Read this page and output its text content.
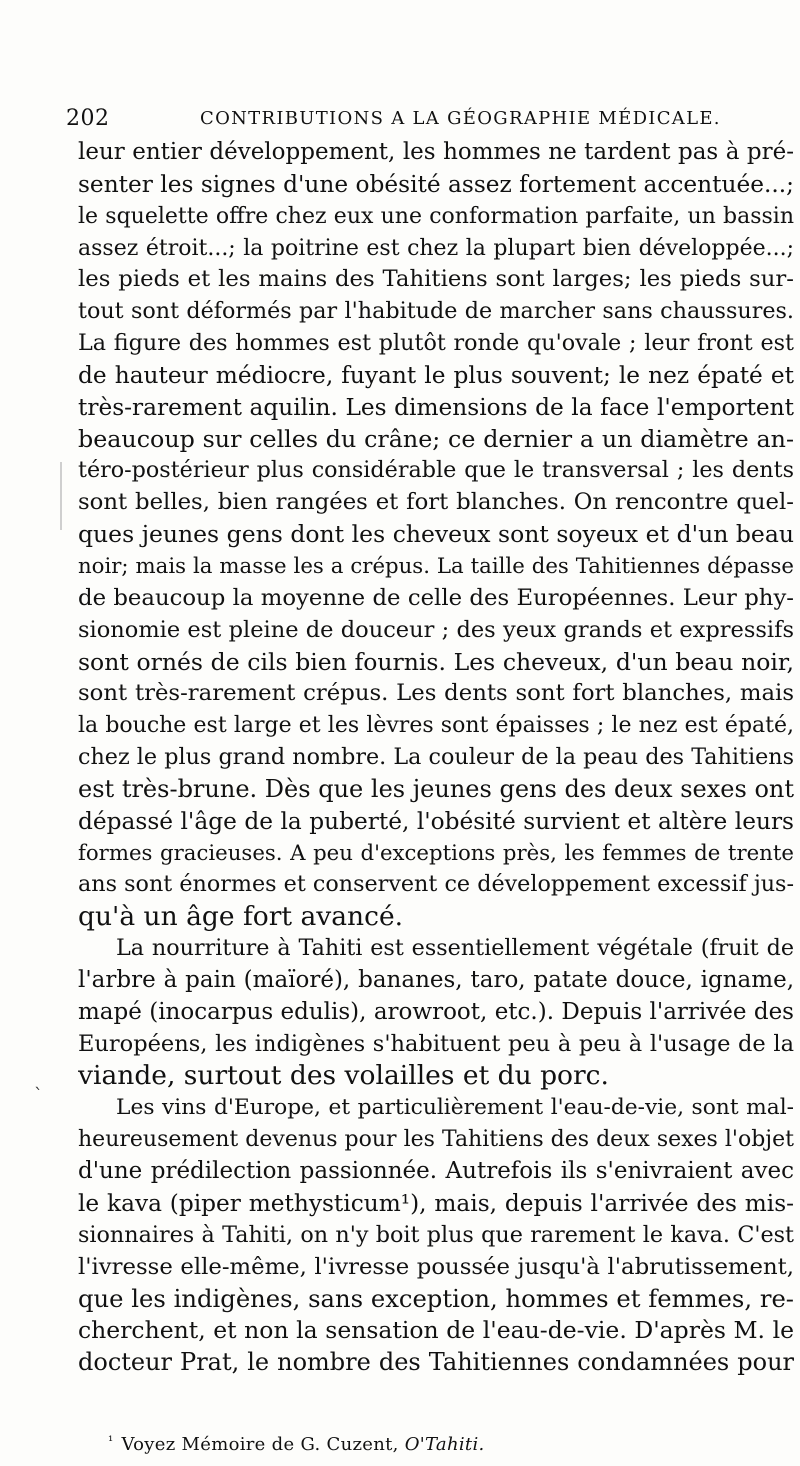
202	CONTRIBUTIONS A LA GÉOGRAPHIE MÉDICALE.
`
leur entier développement, les hommes ne tardent pas à pré-
senter les signes d'une obésité assez fortement accentuée...;
le squelette offre chez eux une conformation parfaite, un bassin
assez étroit...; la poitrine est chez la plupart bien développée...;
les pieds et les mains des Tahitiens sont larges; les pieds sur-
tout sont déformés par l'habitude de marcher sans chaussures.
La figure des hommes est plutôt ronde qu'ovale ; leur front est
de hauteur médiocre, fuyant le plus souvent; le nez épaté et
très-rarement aquilin. Les dimensions de la face l'emportent
beaucoup sur celles du crâne; ce dernier a un diamètre an-
téro-postérieur plus considérable que le transversal ; les dents
sont belles, bien rangées et fort blanches. On rencontre quel-
ques jeunes gens dont les cheveux sont soyeux et d'un beau
noir; mais la masse les a crépus. La taille des Tahitiennes dépasse
de beaucoup la moyenne de celle des Européennes. Leur phy-
sionomie est pleine de douceur ; des yeux grands et expressifs
sont ornés de cils bien fournis. Les cheveux, d'un beau noir,
sont très-rarement crépus. Les dents sont fort blanches, mais
la bouche est large et les lèvres sont épaisses ; le nez est épaté,
chez le plus grand nombre. La couleur de la peau des Tahitiens
est très-brune. Dès que les jeunes gens des deux sexes ont
dépassé l'âge de la puberté, l'obésité survient et altère leurs
formes gracieuses. A peu d'exceptions près, les femmes de trente
ans sont énormes et conservent ce développement excessif jus-
qu'à un âge fort avancé.
La nourriture à Tahiti est essentiellement végétale (fruit de
l'arbre à pain (maïoré), bananes, taro, patate douce, igname,
mapé (inocarpus edulis), arowroot, etc.). Depuis l'arrivée des
Européens, les indigènes s'habituent peu à peu à l'usage de la
viande, surtout des volailles et du porc.
Les vins d'Europe, et particulièrement l'eau-de-vie, sont mal-
heureusement devenus pour les Tahitiens des deux sexes l'objet
d'une prédilection passionnée. Autrefois ils s'enivraient avec
le kava (piper methysticum¹), mais, depuis l'arrivée des mis-
sionnaires à Tahiti, on n'y boit plus que rarement le kava. C'est
l'ivresse elle-même, l'ivresse poussée jusqu'à l'abrutissement,
que les indigènes, sans exception, hommes et femmes, re-
cherchent, et non la sensation de l'eau-de-vie. D'après M. le
docteur Prat, le nombre des Tahitiennes condamnées pour
$^{^1}$ Voyez Mémoire de G. Cuzent, O'Tahiti.
